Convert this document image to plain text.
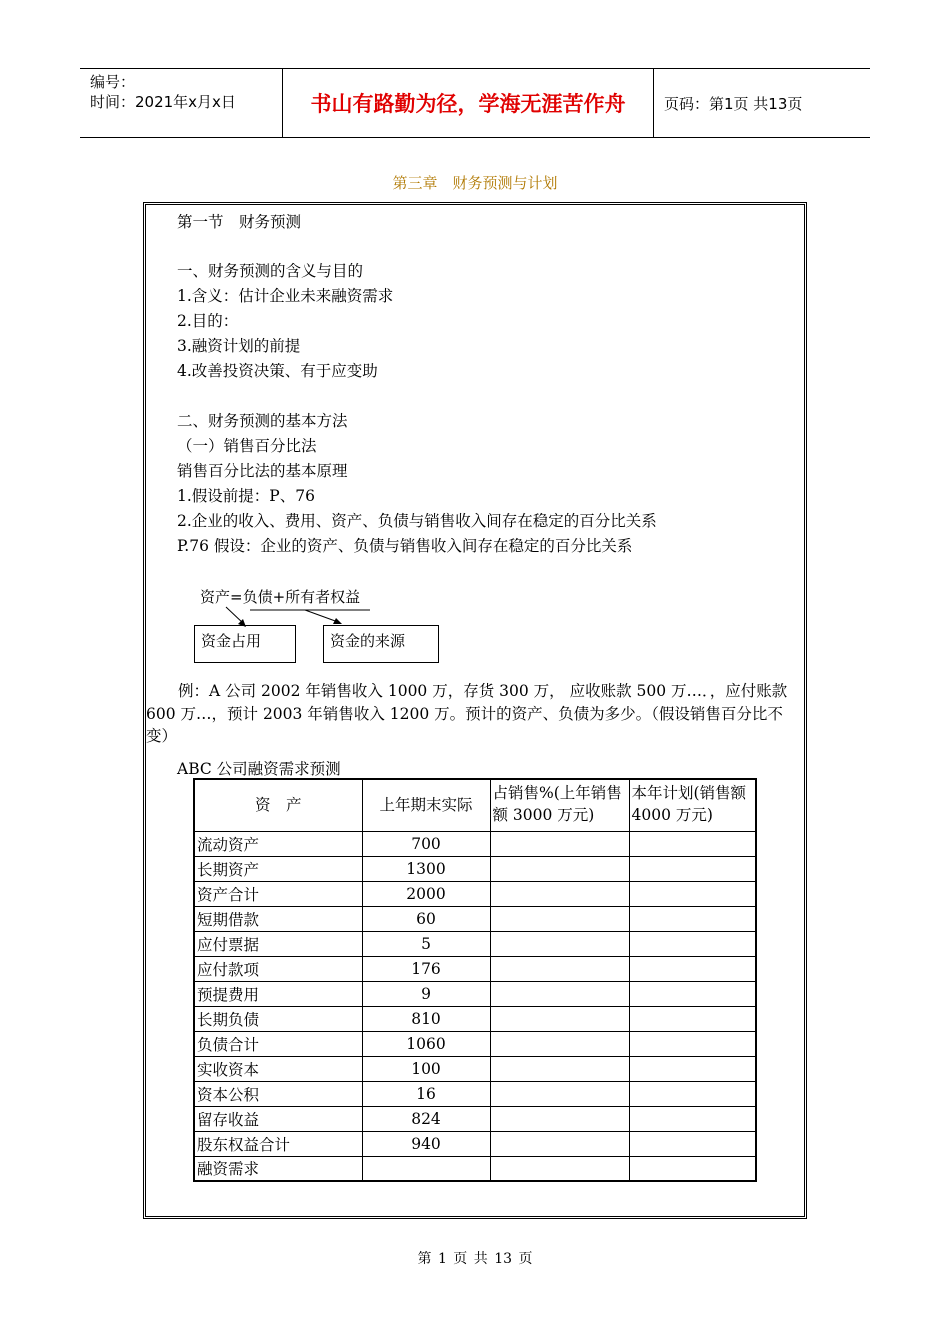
编号：
时间：2021年x月x日	书山有路勤为径，学海无涯苦作舟	页码：第1页 共13页
第三章　财务预测与计划
第一节　财务预测
一、财务预测的含义与目的
1.含义：估计企业未来融资需求
2.目的：
3.融资计划的前提
4.改善投资决策、有于应变助
二、财务预测的基本方法
（一）销售百分比法
销售百分比法的基本原理
1.假设前提：P、76
2.企业的收入、费用、资产、负债与销售收入间存在稳定的百分比关系
P.76 假设：企业的资产、负债与销售收入间存在稳定的百分比关系
资产=负债+所有者权益
资金占用	资金的来源
例：A 公司 2002 年销售收入 1000 万，存货 300 万， 应收账款 500 万…．，应付账款 600 万…，预计 2003 年销售收入 1200 万。预计的资产、负债为多少。（假设销售百分比不变）
ABC 公司融资需求预测
资　产	上年期末实际	占销售%(上年销售额 3000 万元)	本年计划(销售额 4000 万元)
流动资产	700		
长期资产	1300		
资产合计	2000		
短期借款	60		
应付票据	5		
应付款项	176		
预提费用	9		
长期负债	810		
负债合计	1060		
实收资本	100		
资本公积	16		
留存收益	824		
股东权益合计	940		
融资需求			
第 1 页 共 13 页
